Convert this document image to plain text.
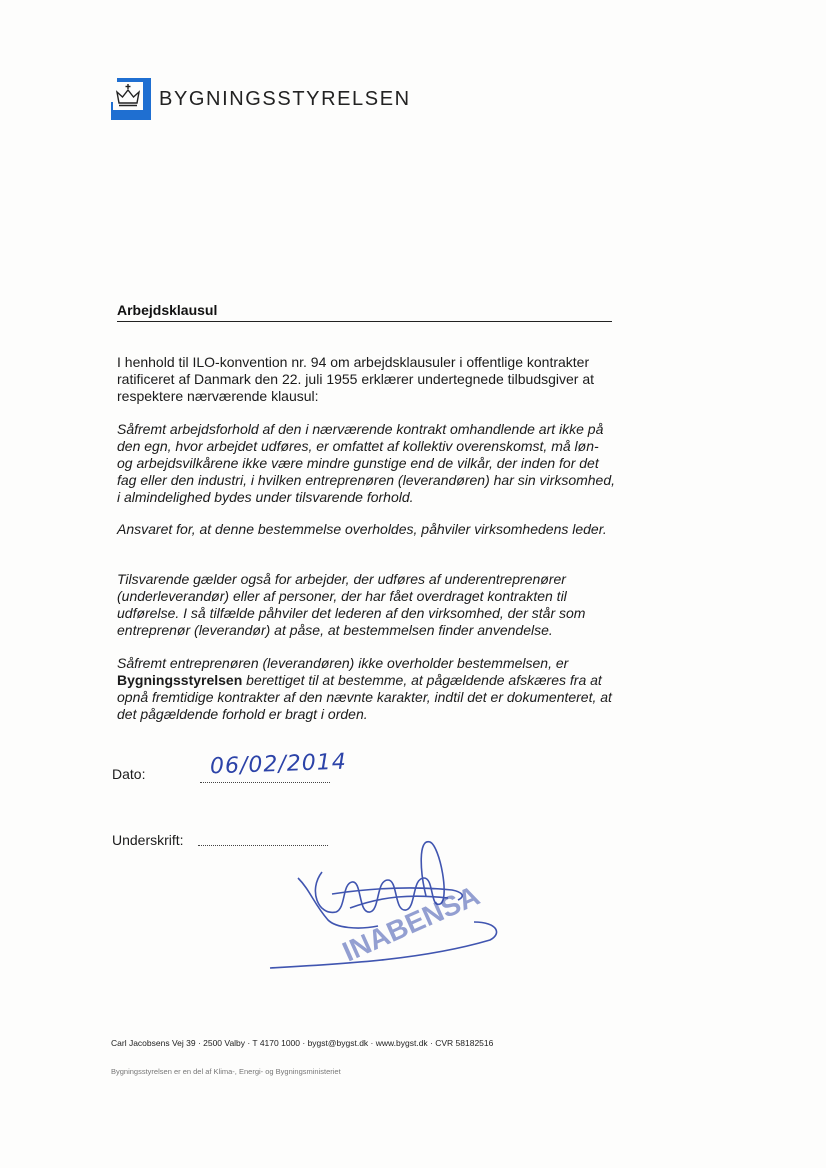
BYGNINGSSTYRELSEN
Arbejdsklausul

I henhold til ILO-konvention nr. 94 om arbejdsklausuler i offentlige kontrakter ratificeret af Danmark den 22. juli 1955 erklærer undertegnede tilbudsgiver at respektere nærværende klausul:

Såfremt arbejdsforhold af den i nærværende kontrakt omhandlende art ikke på den egn, hvor arbejdet udføres, er omfattet af kollektiv overenskomst, må løn- og arbejdsvilkårene ikke være mindre gunstige end de vilkår, der inden for det fag eller den industri, i hvilken entreprenøren (leverandøren) har sin virksomhed, i almindelighed bydes under tilsvarende forhold.

Ansvaret for, at denne bestemmelse overholdes, påhviler virksomhedens leder.

Tilsvarende gælder også for arbejder, der udføres af underentreprenører (underleverandør) eller af personer, der har fået overdraget kontrakten til udførelse. I så tilfælde påhviler det lederen af den virksomhed, der står som entreprenør (leverandør) at påse, at bestemmelsen finder anvendelse.

Såfremt entreprenøren (leverandøren) ikke overholder bestemmelsen, er Bygningsstyrelsen berettiget til at bestemme, at pågældende afskæres fra at opnå fremtidige kontrakter af den nævnte karakter, indtil det er dokumenteret, at det pågældende forhold er bragt i orden.

Dato:	06/02/2014
Underskrift:
INABENSA
Carl Jacobsens Vej 39 · 2500 Valby · T 4170 1000 · bygst@bygst.dk · www.bygst.dk · CVR 58182516
Bygningsstyrelsen er en del af Klima-, Energi- og Bygningsministeriet
